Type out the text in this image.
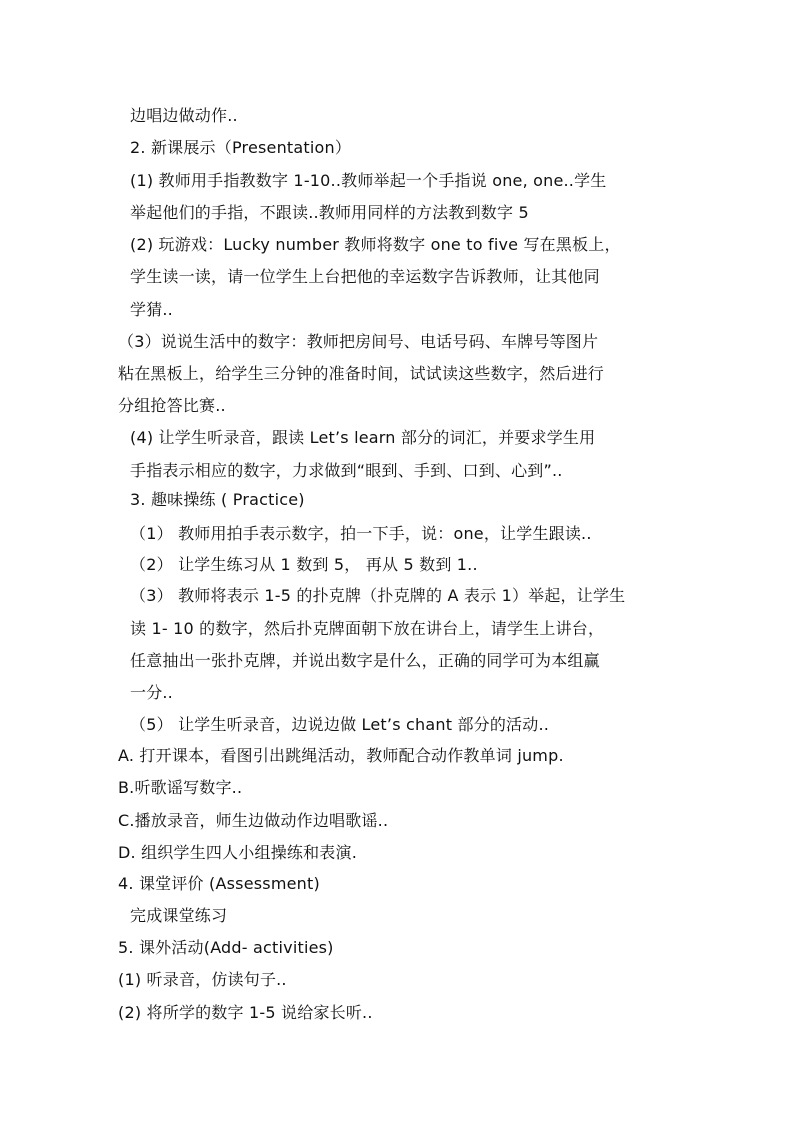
边唱边做动作..
2. 新课展示（Presentation）
(1) 教师用手指教数字 1-10..教师举起一个手指说 one, one..学生
举起他们的手指，不跟读..教师用同样的方法教到数字 5
(2) 玩游戏：Lucky number 教师将数字 one to five 写在黑板上，
学生读一读，请一位学生上台把他的幸运数字告诉教师，让其他同
学猜..
（3）说说生活中的数字：教师把房间号、电话号码、车牌号等图片
粘在黑板上，给学生三分钟的准备时间，试试读这些数字，然后进行
分组抢答比赛..
(4) 让学生听录音，跟读 Let’s learn 部分的词汇，并要求学生用
手指表示相应的数字，力求做到“眼到、手到、口到、心到”..
3. 趣味操练 ( Practice)
（1） 教师用拍手表示数字，拍一下手，说：one，让学生跟读..
（2） 让学生练习从 1 数到 5， 再从 5 数到 1..
（3） 教师将表示 1-5 的扑克牌（扑克牌的 A 表示 1）举起，让学生
读 1- 10 的数字，然后扑克牌面朝下放在讲台上，请学生上讲台，
任意抽出一张扑克牌，并说出数字是什么，正确的同学可为本组赢
一分..
（5） 让学生听录音，边说边做 Let’s chant 部分的活动..
A. 打开课本，看图引出跳绳活动，教师配合动作教单词 jump.
B.听歌谣写数字..
C.播放录音，师生边做动作边唱歌谣..
D. 组织学生四人小组操练和表演.
4. 课堂评价 (Assessment)
完成课堂练习
5. 课外活动(Add- activities)
(1) 听录音，仿读句子..
(2) 将所学的数字 1-5 说给家长听..
